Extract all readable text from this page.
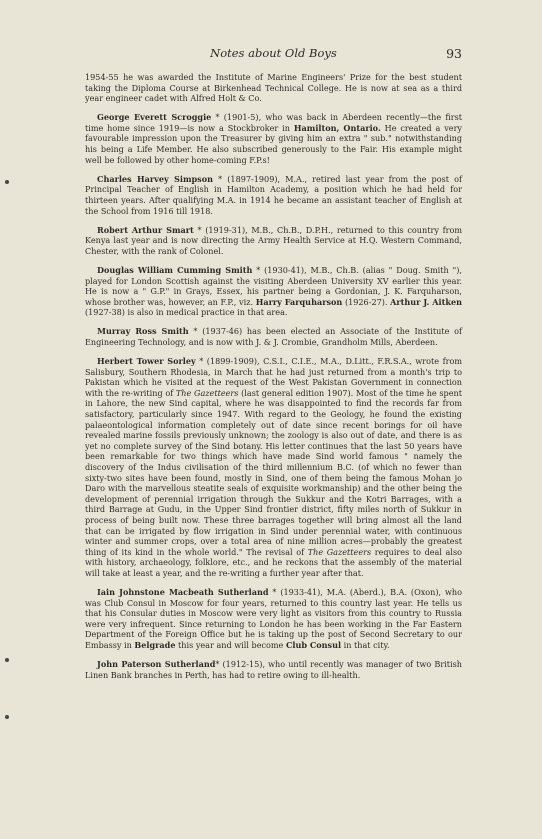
Notes about Old Boys	93

1954-55 he was awarded the Institute of Marine Engineers' Prize for the best student taking the Diploma Course at Birkenhead Technical College. He is now at sea as a third year engineer cadet with Alfred Holt & Co.

George Everett Scroggie * (1901-5), who was back in Aberdeen recently—the first time home since 1919—is now a Stockbroker in Hamilton, Ontario. He created a very favourable impression upon the Treasurer by giving him an extra " sub." notwithstanding his being a Life Member. He also subscribed generously to the Fair. His example might well be followed by other home-coming F.P.s!

Charles Harvey Simpson * (1897-1909), M.A., retired last year from the post of Principal Teacher of English in Hamilton Academy, a position which he had held for thirteen years. After qualifying M.A. in 1914 he became an assistant teacher of English at the School from 1916 till 1918.

Robert Arthur Smart * (1919-31), M.B., Ch.B., D.P.H., returned to this country from Kenya last year and is now directing the Army Health Service at H.Q. Western Command, Chester, with the rank of Colonel.

Douglas William Cumming Smith * (1930-41), M.B., Ch.B. (alias " Doug. Smith "), played for London Scottish against the visiting Aberdeen University XV earlier this year. He is now a " G.P." in Grays, Essex, his partner being a Gordonian, J. K. Farquharson, whose brother was, however, an F.P., viz. Harry Farquharson (1926-27). Arthur J. Aitken (1927-38) is also in medical practice in that area.

Murray Ross Smith * (1937-46) has been elected an Associate of the Institute of Engineering Technology, and is now with J. & J. Crombie, Grandholm Mills, Aberdeen.

Herbert Tower Sorley * (1899-1909), C.S.I., C.I.E., M.A., D.Litt., F.R.S.A., wrote from Salisbury, Southern Rhodesia, in March that he had just returned from a month's trip to Pakistan which he visited at the request of the West Pakistan Government in connection with the re-writing of The Gazetteers (last general edition 1907). Most of the time he spent in Lahore, the new Sind capital, where he was disappointed to find the records far from satisfactory, particularly since 1947. With regard to the Geology, he found the existing palaeontological information completely out of date since recent borings for oil have revealed marine fossils previously unknown; the zoology is also out of date, and there is as yet no complete survey of the Sind botany. His letter continues that the last 50 years have been remarkable for two things which have made Sind world famous " namely the discovery of the Indus civilisation of the third millennium B.C. (of which no fewer than sixty-two sites have been found, mostly in Sind, one of them being the famous Mohan jo Daro with the marvellous steatite seals of exquisite workmanship) and the other being the development of perennial irrigation through the Sukkur and the Kotri Barrages, with a third Barrage at Gudu, in the Upper Sind frontier district, fifty miles north of Sukkur in process of being built now. These three barrages together will bring almost all the land that can be irrigated by flow irrigation in Sind under perennial water, with continuous winter and summer crops, over a total area of nine million acres—probably the greatest thing of its kind in the whole world." The revisal of The Gazetteers requires to deal also with history, archaeology, folklore, etc., and he reckons that the assembly of the material will take at least a year, and the re-writing a further year after that.

Iain Johnstone Macbeath Sutherland * (1933-41), M.A. (Aberd.), B.A. (Oxon), who was Club Consul in Moscow for four years, returned to this country last year. He tells us that his Consular duties in Moscow were very light as visitors from this country to Russia were very infrequent. Since returning to London he has been working in the Far Eastern Department of the Foreign Office but he is taking up the post of Second Secretary to our Embassy in Belgrade this year and will become Club Consul in that city.

John Paterson Sutherland* (1912-15), who until recently was manager of two British Linen Bank branches in Perth, has had to retire owing to ill-health.
